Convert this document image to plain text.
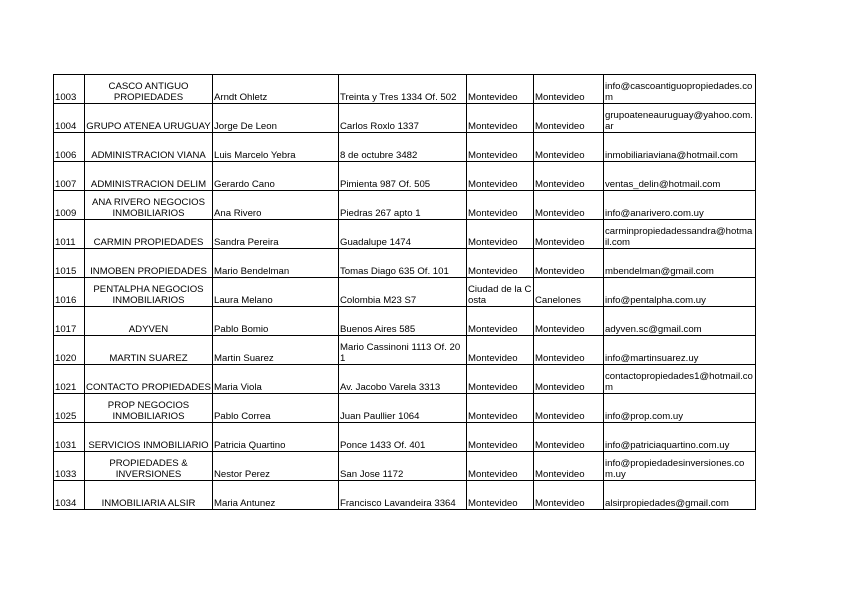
1003	CASCO ANTIGUO PROPIEDADES	Arndt Ohletz	Treinta y Tres 1334 Of. 502	Montevideo	Montevideo	info@cascoantiguopropiedades.com
1004	GRUPO ATENEA URUGUAY	Jorge De Leon	Carlos Roxlo 1337	Montevideo	Montevideo	grupoateneauruguay@yahoo.com.ar
1006	ADMINISTRACION VIANA	Luis Marcelo Yebra	8 de octubre 3482	Montevideo	Montevideo	inmobiliariaviana@hotmail.com
1007	ADMINISTRACION DELIM	Gerardo Cano	Pimienta 987 Of. 505	Montevideo	Montevideo	ventas_delin@hotmail.com
1009	ANA RIVERO NEGOCIOS INMOBILIARIOS	Ana Rivero	Piedras 267 apto 1	Montevideo	Montevideo	info@anarivero.com.uy
1011	CARMIN PROPIEDADES	Sandra Pereira	Guadalupe 1474	Montevideo	Montevideo	carminpropiedadessandra@hotmail.com
1015	INMOBEN PROPIEDADES	Mario Bendelman	Tomas Diago 635 Of. 101	Montevideo	Montevideo	mbendelman@gmail.com
1016	PENTALPHA NEGOCIOS INMOBILIARIOS	Laura Melano	Colombia M23 S7	Ciudad de la Costa	Canelones	info@pentalpha.com.uy
1017	ADYVEN	Pablo Bomio	Buenos Aires 585	Montevideo	Montevideo	adyven.sc@gmail.com
1020	MARTIN SUAREZ	Martin Suarez	Mario Cassinoni 1113 Of. 201	Montevideo	Montevideo	info@martinsuarez.uy
1021	CONTACTO PROPIEDADES	Maria Viola	Av. Jacobo Varela 3313	Montevideo	Montevideo	contactopropiedades1@hotmail.com
1025	PROP NEGOCIOS INMOBILIARIOS	Pablo Correa	Juan Paullier 1064	Montevideo	Montevideo	info@prop.com.uy
1031	SERVICIOS INMOBILIARIO	Patricia Quartino	Ponce 1433 Of. 401	Montevideo	Montevideo	info@patriciaquartino.com.uy
1033	PROPIEDADES & INVERSIONES	Nestor Perez	San Jose 1172	Montevideo	Montevideo	info@propiedadesinversiones.com.uy
1034	INMOBILIARIA ALSIR	Maria Antunez	Francisco Lavandeira 3364	Montevideo	Montevideo	alsirpropiedades@gmail.com
